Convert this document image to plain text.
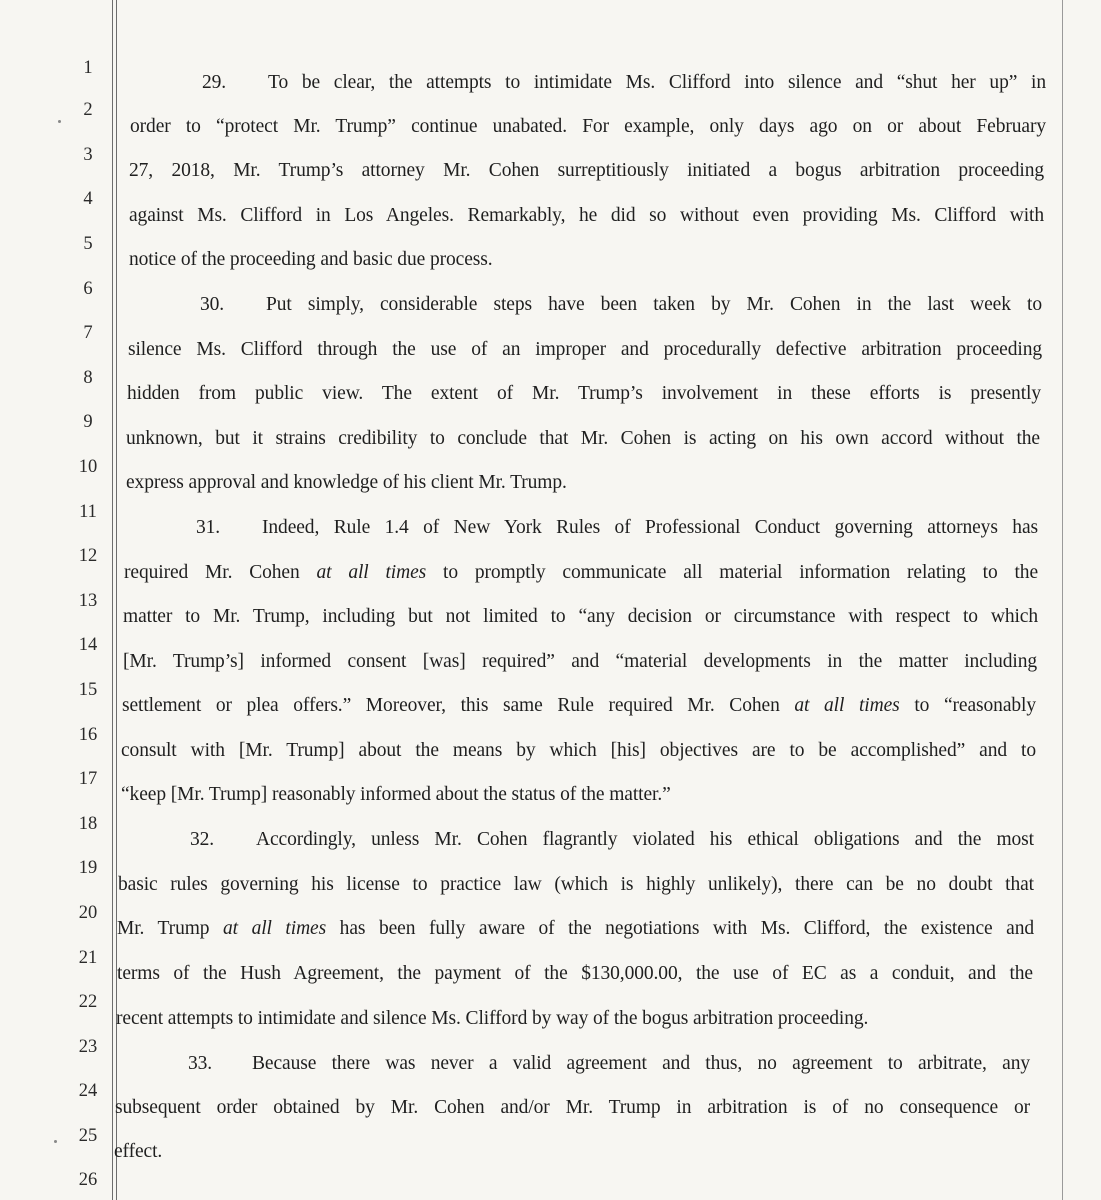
1
2
3
4
5
6
7
8
9
10
11
12
13
14
15
16
17
18
19
20
21
22
23
24
25
26
29. To be clear, the attempts to intimidate Ms. Clifford into silence and “shut her up” in
order to “protect Mr. Trump” continue unabated. For example, only days ago on or about February
27, 2018, Mr. Trump’s attorney Mr. Cohen surreptitiously initiated a bogus arbitration proceeding
against Ms. Clifford in Los Angeles. Remarkably, he did so without even providing Ms. Clifford with
notice of the proceeding and basic due process.
30. Put simply, considerable steps have been taken by Mr. Cohen in the last week to
silence Ms. Clifford through the use of an improper and procedurally defective arbitration proceeding
hidden from public view. The extent of Mr. Trump’s involvement in these efforts is presently
unknown, but it strains credibility to conclude that Mr. Cohen is acting on his own accord without the
express approval and knowledge of his client Mr. Trump.
31. Indeed, Rule 1.4 of New York Rules of Professional Conduct governing attorneys has
required Mr. Cohen at all times to promptly communicate all material information relating to the
matter to Mr. Trump, including but not limited to “any decision or circumstance with respect to which
[Mr. Trump’s] informed consent [was] required” and “material developments in the matter including
settlement or plea offers.” Moreover, this same Rule required Mr. Cohen at all times to “reasonably
consult with [Mr. Trump] about the means by which [his] objectives are to be accomplished” and to
“keep [Mr. Trump] reasonably informed about the status of the matter.”
32. Accordingly, unless Mr. Cohen flagrantly violated his ethical obligations and the most
basic rules governing his license to practice law (which is highly unlikely), there can be no doubt that
Mr. Trump at all times has been fully aware of the negotiations with Ms. Clifford, the existence and
terms of the Hush Agreement, the payment of the $130,000.00, the use of EC as a conduit, and the
recent attempts to intimidate and silence Ms. Clifford by way of the bogus arbitration proceeding.
33. Because there was never a valid agreement and thus, no agreement to arbitrate, any
subsequent order obtained by Mr. Cohen and/or Mr. Trump in arbitration is of no consequence or
effect.
